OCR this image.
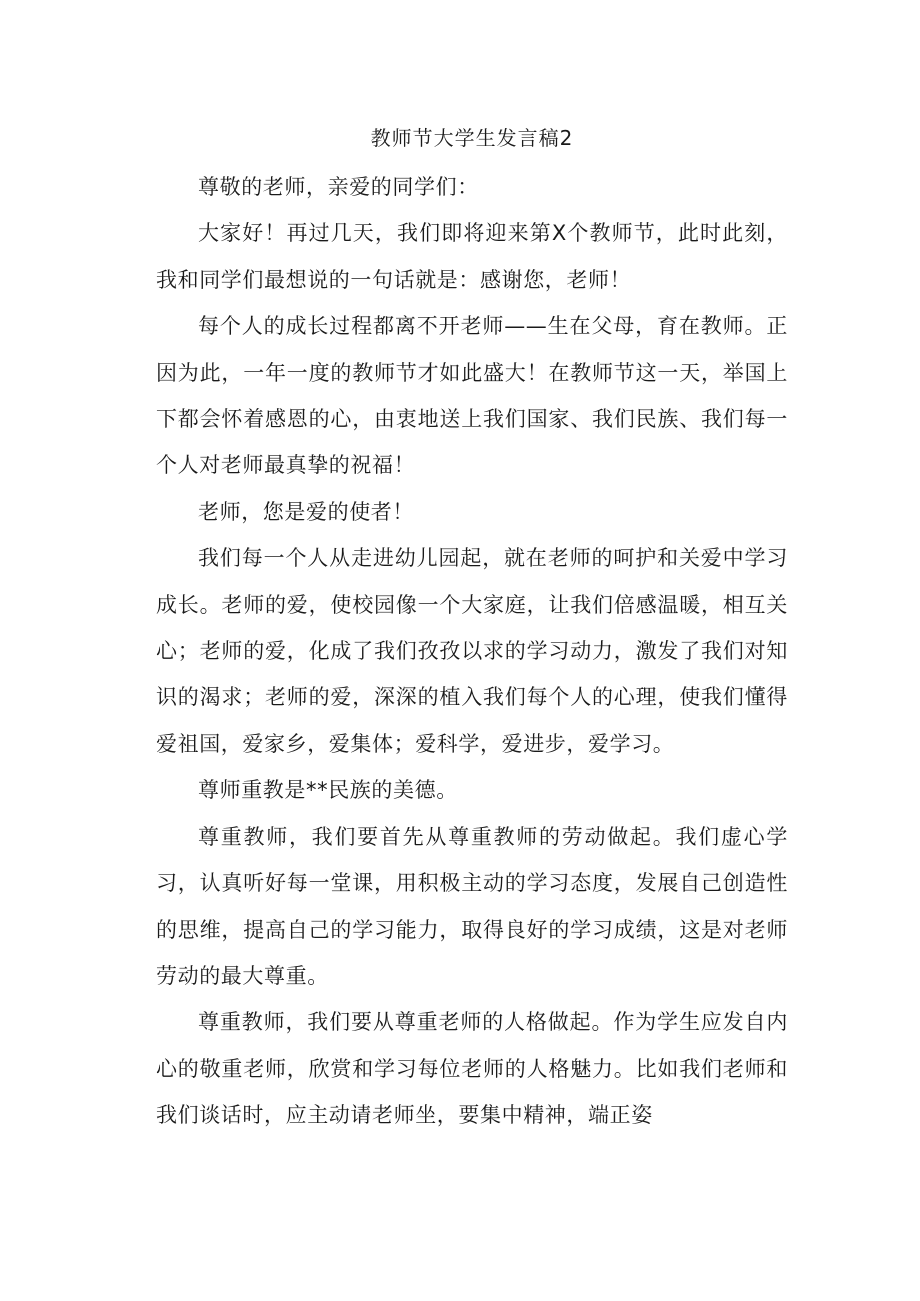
教师节大学生发言稿2

尊敬的老师，亲爱的同学们：

大家好！再过几天，我们即将迎来第X个教师节，此时此刻，我和同学们最想说的一句话就是：感谢您，老师！

每个人的成长过程都离不开老师——生在父母，育在教师。正因为此，一年一度的教师节才如此盛大！在教师节这一天，举国上下都会怀着感恩的心，由衷地送上我们国家、我们民族、我们每一个人对老师最真挚的祝福！

老师，您是爱的使者！

我们每一个人从走进幼儿园起，就在老师的呵护和关爱中学习成长。老师的爱，使校园像一个大家庭，让我们倍感温暖，相互关心；老师的爱，化成了我们孜孜以求的学习动力，激发了我们对知识的渴求；老师的爱，深深的植入我们每个人的心理，使我们懂得爱祖国，爱家乡，爱集体；爱科学，爱进步，爱学习。

尊师重教是**民族的美德。

尊重教师，我们要首先从尊重教师的劳动做起。我们虚心学习，认真听好每一堂课，用积极主动的学习态度，发展自己创造性的思维，提高自己的学习能力，取得良好的学习成绩，这是对老师劳动的最大尊重。

尊重教师，我们要从尊重老师的人格做起。作为学生应发自内心的敬重老师，欣赏和学习每位老师的人格魅力。比如我们老师和我们谈话时，应主动请老师坐，要集中精神，端正姿
